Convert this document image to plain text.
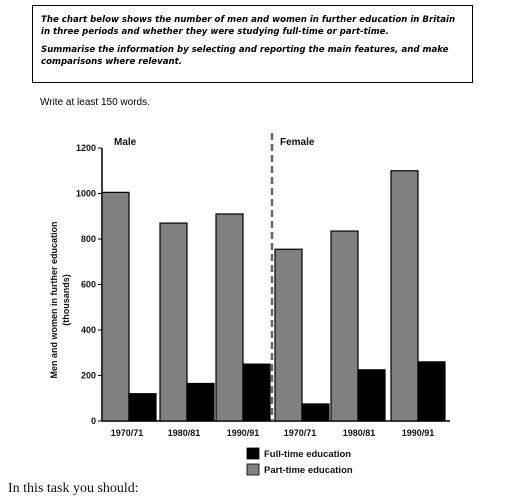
The chart below shows the number of men and women in further education in Britain in three periods and whether they were studying full-time or part-time.

Summarise the information by selecting and reporting the main features, and make comparisons where relevant.

Write at least 150 words.
0
200
400
600
800
1000
1200
Men and women in further education (thousands)
1970/71	1980/81	1990/91	1970/71	1980/81	1990/91
Male	Female
Full-time education
Part-time education
In this task you should:
